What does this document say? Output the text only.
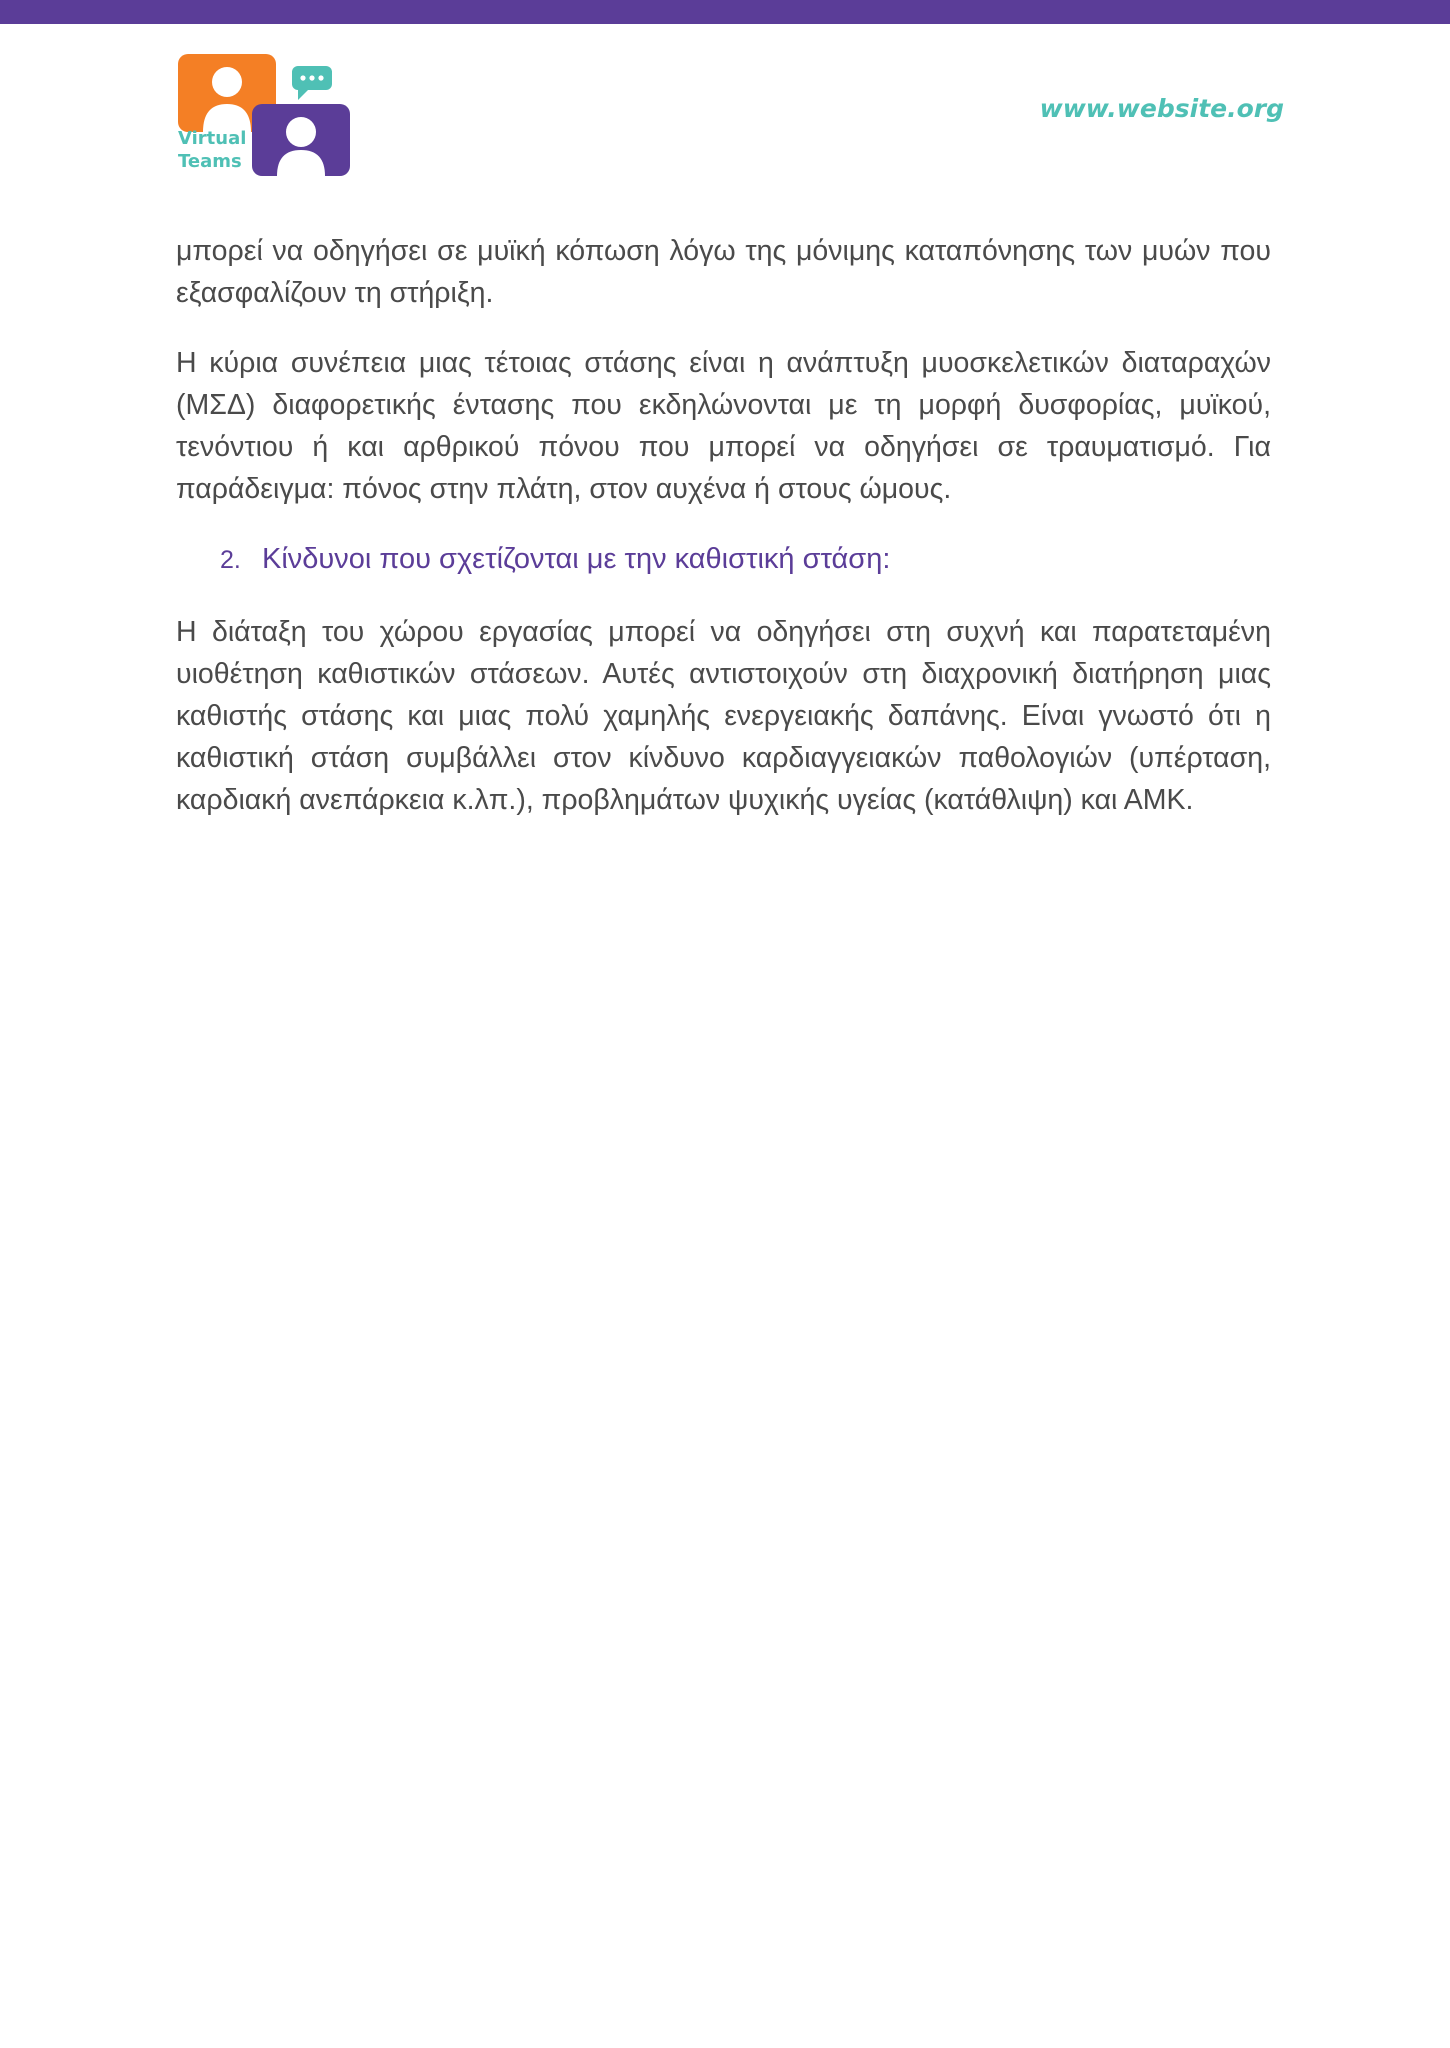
Virtual
Teams
www.website.org

μπορεί να οδηγήσει σε μυϊκή κόπωση λόγω της μόνιμης καταπόνησης των μυών που εξασφαλίζουν τη στήριξη.

Η κύρια συνέπεια μιας τέτοιας στάσης είναι η ανάπτυξη μυοσκελετικών διαταραχών (ΜΣΔ) διαφορετικής έντασης που εκδηλώνονται με τη μορφή δυσφορίας, μυϊκού, τενόντιου ή και αρθρικού πόνου που μπορεί να οδηγήσει σε τραυματισμό. Για παράδειγμα: πόνος στην πλάτη, στον αυχένα ή στους ώμους.

2. Κίνδυνοι που σχετίζονται με την καθιστική στάση:

Η διάταξη του χώρου εργασίας μπορεί να οδηγήσει στη συχνή και παρατεταμένη υιοθέτηση καθιστικών στάσεων. Αυτές αντιστοιχούν στη διαχρονική διατήρηση μιας καθιστής στάσης και μιας πολύ χαμηλής ενεργειακής δαπάνης. Είναι γνωστό ότι η καθιστική στάση συμβάλλει στον κίνδυνο καρδιαγγειακών παθολογιών (υπέρταση, καρδιακή ανεπάρκεια κ.λπ.), προβλημάτων ψυχικής υγείας (κατάθλιψη) και ΑΜΚ.
